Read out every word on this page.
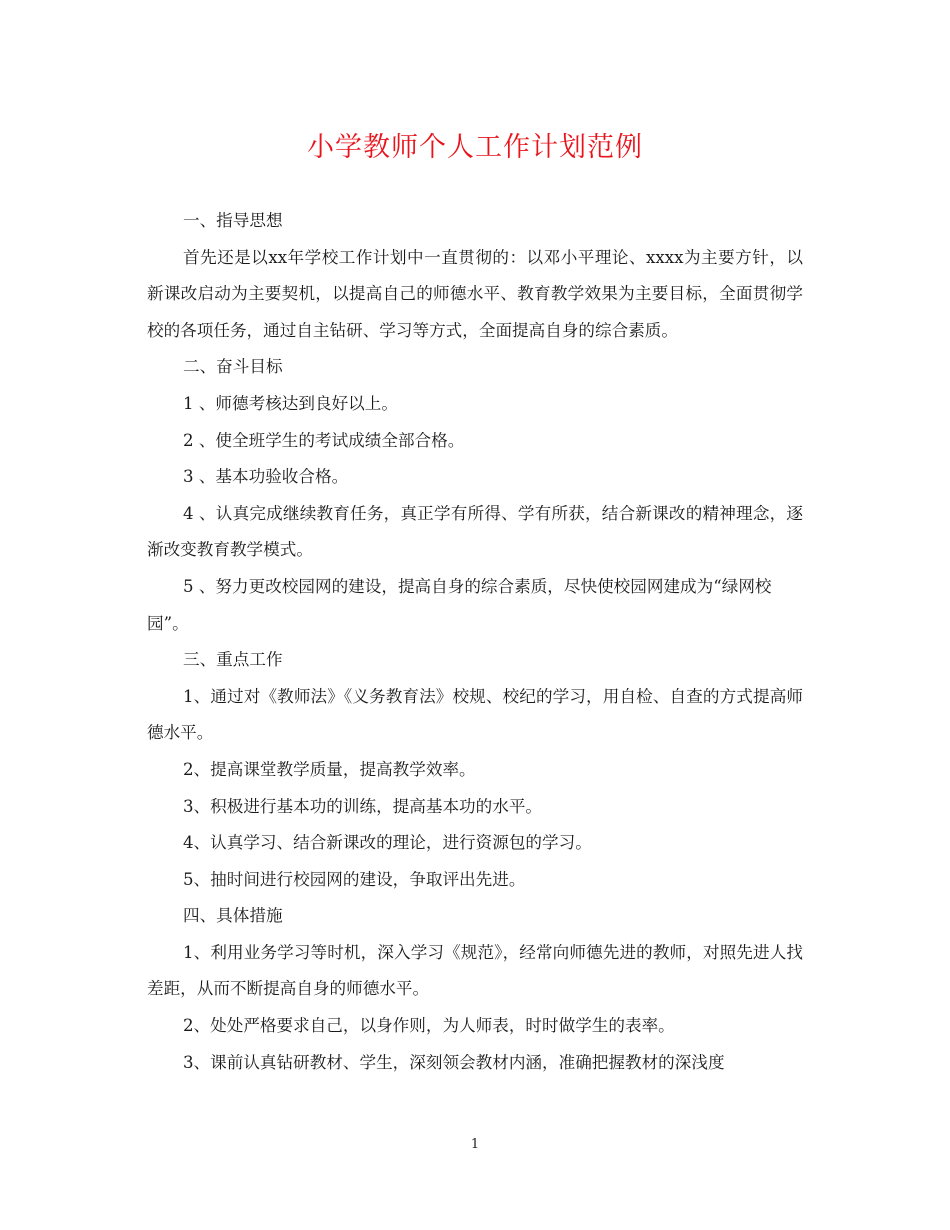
小学教师个人工作计划范例

一、指导思想

首先还是以xx年学校工作计划中一直贯彻的：以邓小平理论、xxxx为主要方针，以新课改启动为主要契机，以提高自己的师德水平、教育教学效果为主要目标，全面贯彻学校的各项任务，通过自主钻研、学习等方式，全面提高自身的综合素质。

二、奋斗目标

1 、师德考核达到良好以上。

2 、使全班学生的考试成绩全部合格。

3 、基本功验收合格。

4 、认真完成继续教育任务，真正学有所得、学有所获，结合新课改的精神理念，逐渐改变教育教学模式。

5 、努力更改校园网的建设，提高自身的综合素质，尽快使校园网建成为“绿网校园”。

三、重点工作

1、通过对《教师法》《义务教育法》校规、校纪的学习，用自检、自查的方式提高师德水平。

2、提高课堂教学质量，提高教学效率。

3、积极进行基本功的训练，提高基本功的水平。

4、认真学习、结合新课改的理论，进行资源包的学习。

5、抽时间进行校园网的建设，争取评出先进。

四、具体措施

1、利用业务学习等时机，深入学习《规范》，经常向师德先进的教师，对照先进人找差距，从而不断提高自身的师德水平。

2、处处严格要求自己，以身作则，为人师表，时时做学生的表率。

3、课前认真钻研教材、学生，深刻领会教材内涵，准确把握教材的深浅度

1
